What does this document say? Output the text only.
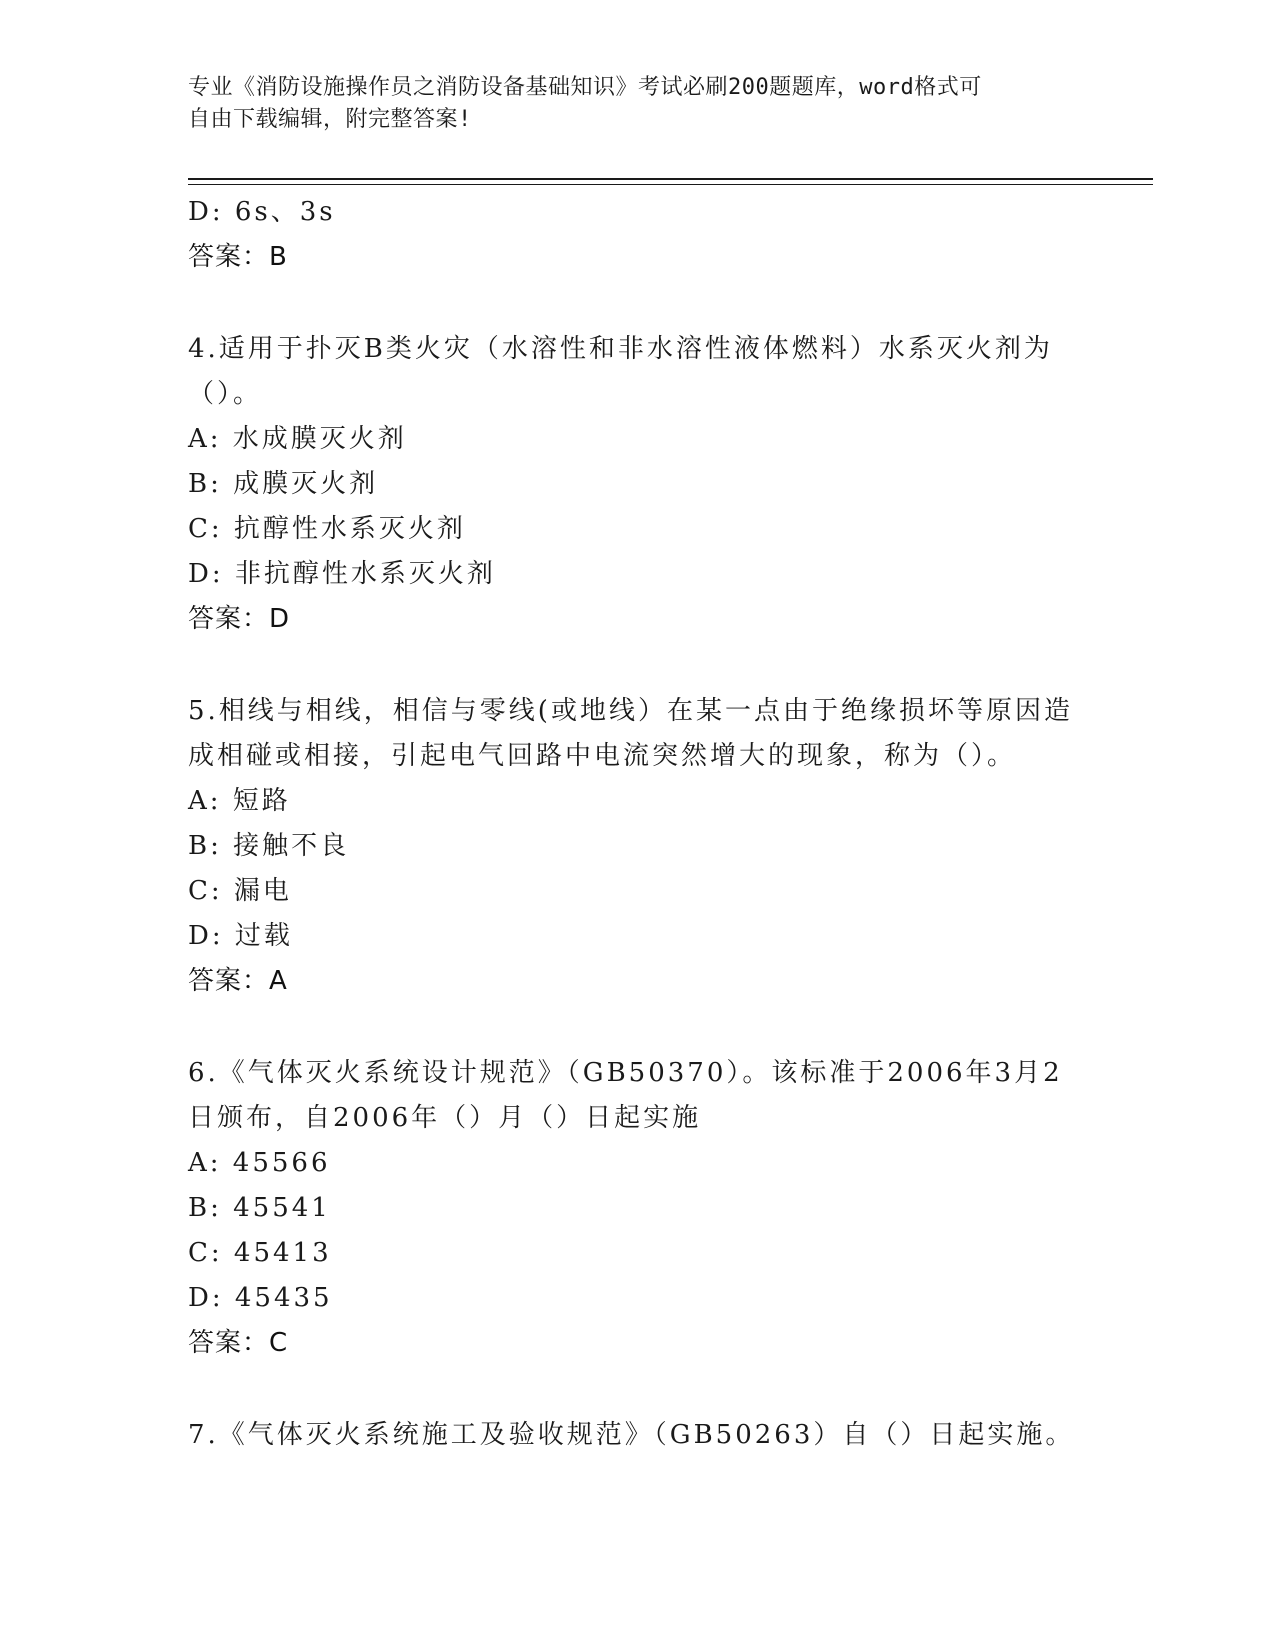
专业《消防设施操作员之消防设备基础知识》考试必刷200题题库，word格式可
自由下载编辑，附完整答案!
D: 6s、3s
答案：B
4.适用于扑灭B类火灾（水溶性和非水溶性液体燃料）水系灭火剂为
（）。
A: 水成膜灭火剂
B: 成膜灭火剂
C: 抗醇性水系灭火剂
D: 非抗醇性水系灭火剂
答案：D
5.相线与相线，相信与零线(或地线）在某一点由于绝缘损坏等原因造
成相碰或相接，引起电气回路中电流突然增大的现象，称为（）。
A: 短路
B: 接触不良
C: 漏电
D: 过载
答案：A
6.《气体灭火系统设计规范》（GB50370）。该标准于2006年3月2
日颁布，自2006年（）月（）日起实施
A: 45566
B: 45541
C: 45413
D: 45435
答案：C
7.《气体灭火系统施工及验收规范》（GB50263）自（）日起实施。
